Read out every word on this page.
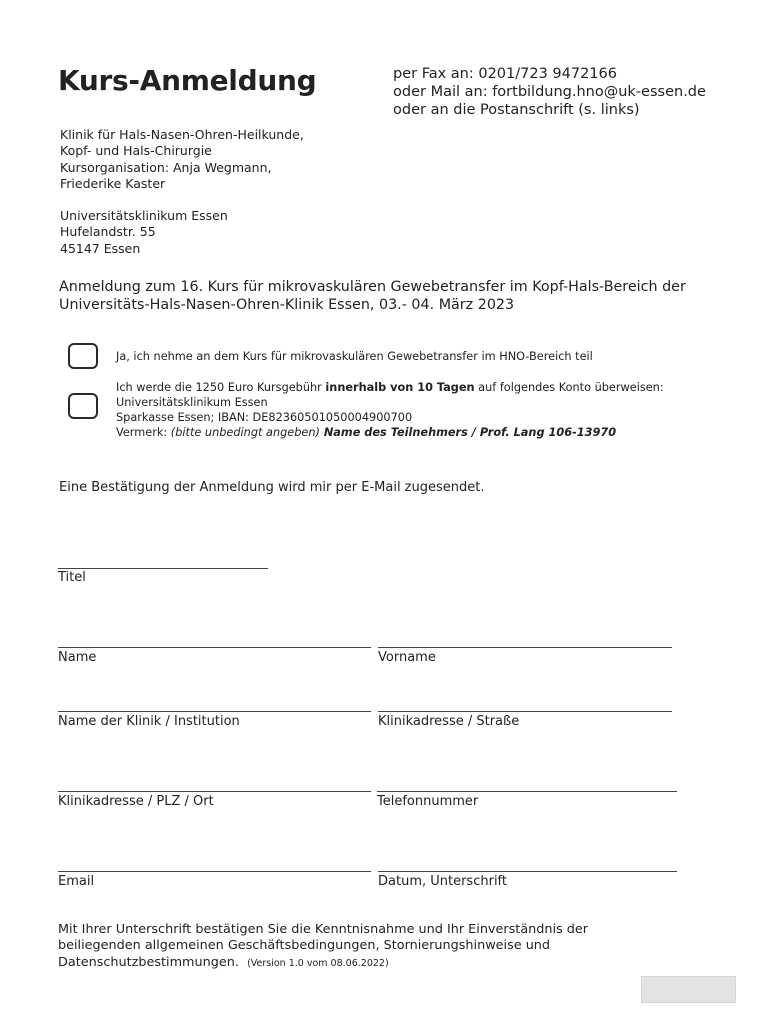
Kurs-Anmeldung	per Fax an: 0201/723 9472166
oder Mail an: fortbildung.hno@uk-essen.de
oder an die Postanschrift (s. links)
Klinik für Hals-Nasen-Ohren-Heilkunde,
Kopf- und Hals-Chirurgie
Kursorganisation: Anja Wegmann,
Friederike Kaster
Universitätsklinikum Essen
Hufelandstr. 55
45147 Essen
Anmeldung zum 16. Kurs für mikrovaskulären Gewebetransfer im Kopf-Hals-Bereich der
Universitäts-Hals-Nasen-Ohren-Klinik Essen, 03.- 04. März 2023
Ja, ich nehme an dem Kurs für mikrovaskulären Gewebetransfer im HNO-Bereich teil
Ich werde die 1250 Euro Kursgebühr innerhalb von 10 Tagen auf folgendes Konto überweisen:
Universitätsklinikum Essen
Sparkasse Essen; IBAN: DE82360501050004900700
Vermerk: (bitte unbedingt angeben) Name des Teilnehmers / Prof. Lang 106-13970
Eine Bestätigung der Anmeldung wird mir per E-Mail zugesendet.
Titel
Name	Vorname
Name der Klinik / Institution	Klinikadresse / Straße
Klinikadresse / PLZ / Ort	Telefonnummer
Email	Datum, Unterschrift
Mit Ihrer Unterschrift bestätigen Sie die Kenntnisnahme und Ihr Einverständnis der
beiliegenden allgemeinen Geschäftsbedingungen, Stornierungshinweise und
Datenschutzbestimmungen. (Version 1.0 vom 08.06.2022)
